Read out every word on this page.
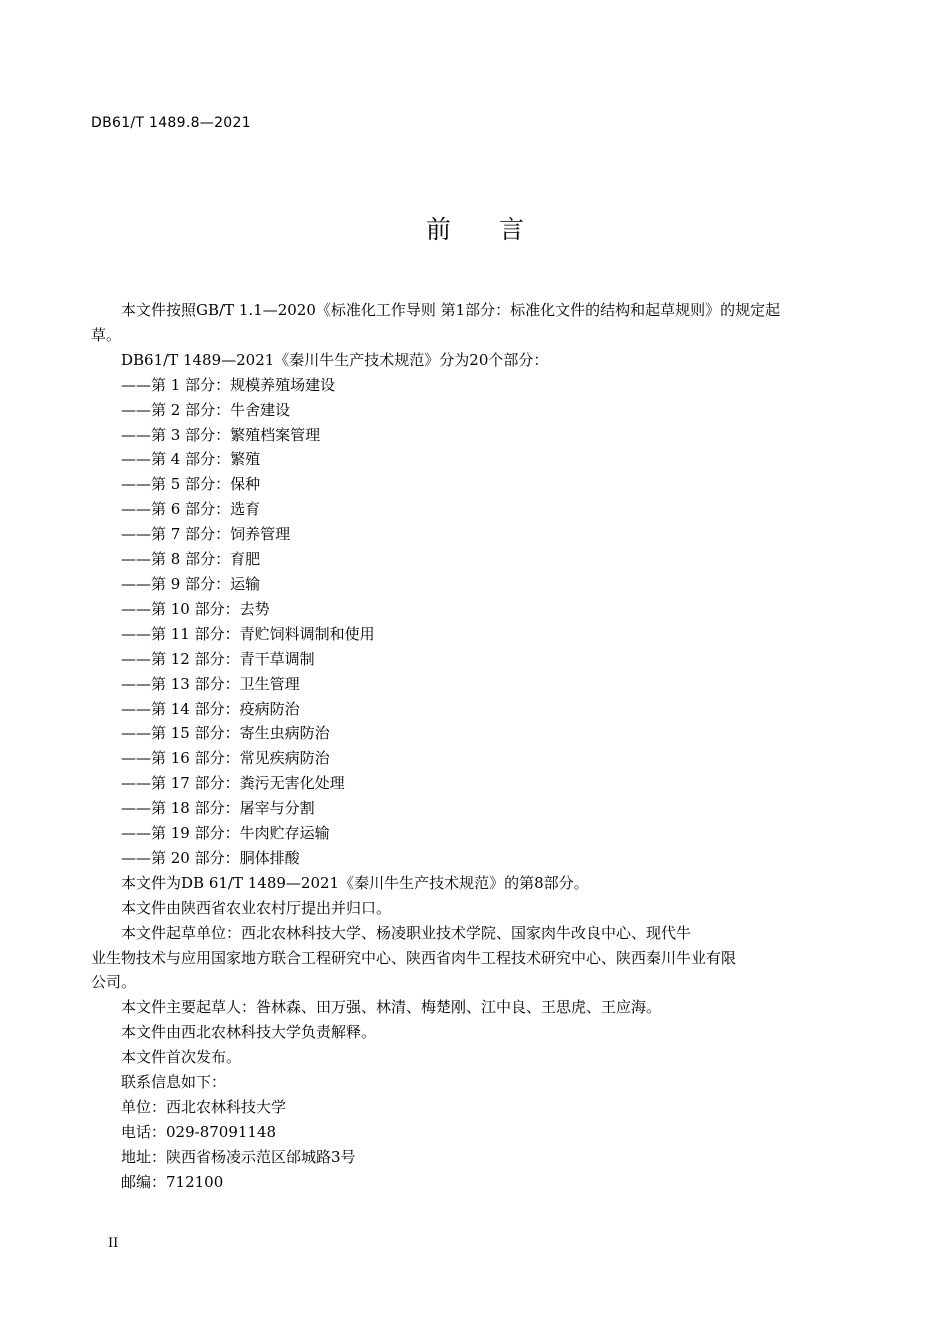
DB61/T 1489.8—2021
前 言

本文件按照GB/T 1.1—2020《标准化工作导则 第1部分：标准化文件的结构和起草规则》的规定起

草。

DB61/T 1489—2021《秦川牛生产技术规范》分为20个部分：

——第 1 部分：规模养殖场建设

——第 2 部分：牛舍建设

——第 3 部分：繁殖档案管理

——第 4 部分：繁殖

——第 5 部分：保种

——第 6 部分：选育

——第 7 部分：饲养管理

——第 8 部分：育肥

——第 9 部分：运输

——第 10 部分：去势

——第 11 部分：青贮饲料调制和使用

——第 12 部分：青干草调制

——第 13 部分：卫生管理

——第 14 部分：疫病防治

——第 15 部分：寄生虫病防治

——第 16 部分：常见疾病防治

——第 17 部分：粪污无害化处理

——第 18 部分：屠宰与分割

——第 19 部分：牛肉贮存运输

——第 20 部分：胴体排酸

本文件为DB 61/T 1489—2021《秦川牛生产技术规范》的第8部分。

本文件由陕西省农业农村厅提出并归口。

本文件起草单位：西北农林科技大学、杨凌职业技术学院、国家肉牛改良中心、现代牛

业生物技术与应用国家地方联合工程研究中心、陕西省肉牛工程技术研究中心、陕西秦川牛业有限

公司。

本文件主要起草人：昝林森、田万强、林清、梅楚刚、江中良、王思虎、王应海。

本文件由西北农林科技大学负责解释。

本文件首次发布。

联系信息如下：

单位：西北农林科技大学

电话：029-87091148

地址：陕西省杨凌示范区邰城路3号

邮编：712100

II
